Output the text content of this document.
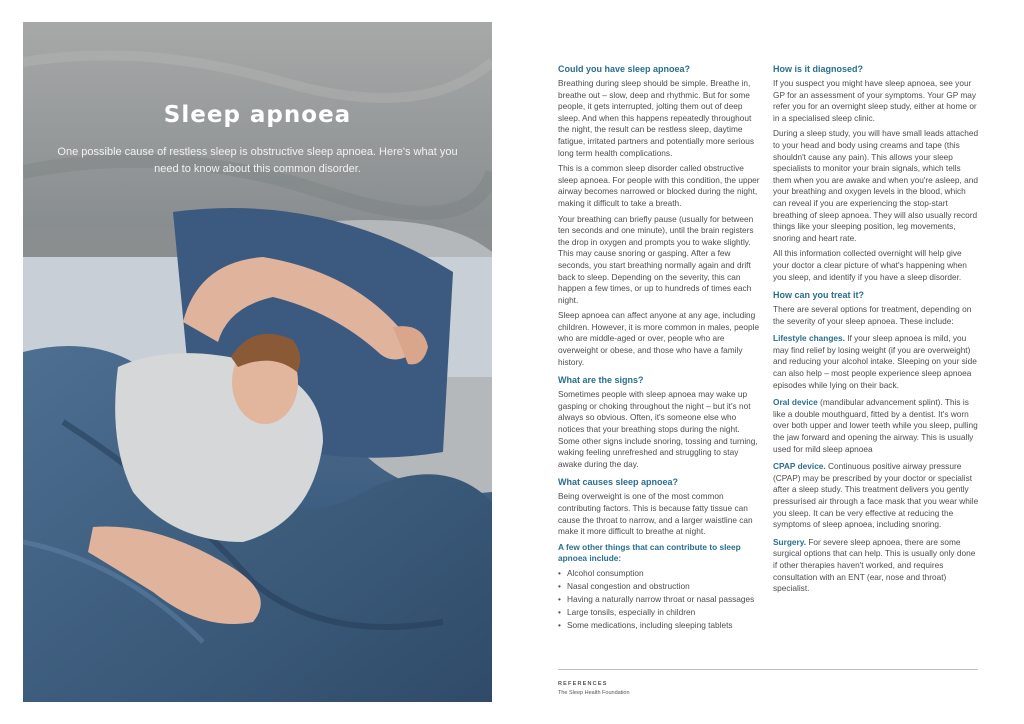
Sleep apnoea
One possible cause of restless sleep is obstructive sleep apnoea. Here's what you need to know about this common disorder.
Could you have sleep apnoea?

Breathing during sleep should be simple. Breathe in, breathe out – slow, deep and rhythmic. But for some people, it gets interrupted, jolting them out of deep sleep. And when this happens repeatedly throughout the night, the result can be restless sleep, daytime fatigue, irritated partners and potentially more serious long term health complications.

This is a common sleep disorder called obstructive sleep apnoea. For people with this condition, the upper airway becomes narrowed or blocked during the night, making it difficult to take a breath.

Your breathing can briefly pause (usually for between ten seconds and one minute), until the brain registers the drop in oxygen and prompts you to wake slightly. This may cause snoring or gasping. After a few seconds, you start breathing normally again and drift back to sleep. Depending on the severity, this can happen a few times, or up to hundreds of times each night.

Sleep apnoea can affect anyone at any age, including children. However, it is more common in males, people who are middle-aged or over, people who are overweight or obese, and those who have a family history.

What are the signs?

Sometimes people with sleep apnoea may wake up gasping or choking throughout the night – but it's not always so obvious. Often, it's someone else who notices that your breathing stops during the night. Some other signs include snoring, tossing and turning, waking feeling unrefreshed and struggling to stay awake during the day.

What causes sleep apnoea?

Being overweight is one of the most common contributing factors. This is because fatty tissue can cause the throat to narrow, and a larger waistline can make it more difficult to breathe at night.

A few other things that can contribute to sleep apnoea include:
• Alcohol consumption
• Nasal congestion and obstruction
• Having a naturally narrow throat or nasal passages
• Large tonsils, especially in children
• Some medications, including sleeping tablets
How is it diagnosed?

If you suspect you might have sleep apnoea, see your GP for an assessment of your symptoms. Your GP may refer you for an overnight sleep study, either at home or in a specialised sleep clinic.

During a sleep study, you will have small leads attached to your head and body using creams and tape (this shouldn't cause any pain). This allows your sleep specialists to monitor your brain signals, which tells them when you are awake and when you're asleep, and your breathing and oxygen levels in the blood, which can reveal if you are experiencing the stop-start breathing of sleep apnoea. They will also usually record things like your sleeping position, leg movements, snoring and heart rate.

All this information collected overnight will help give your doctor a clear picture of what's happening when you sleep, and identify if you have a sleep disorder.

How can you treat it?

There are several options for treatment, depending on the severity of your sleep apnoea. These include:

Lifestyle changes. If your sleep apnoea is mild, you may find relief by losing weight (if you are overweight) and reducing your alcohol intake. Sleeping on your side can also help – most people experience sleep apnoea episodes while lying on their back.

Oral device (mandibular advancement splint). This is like a double mouthguard, fitted by a dentist. It's worn over both upper and lower teeth while you sleep, pulling the jaw forward and opening the airway. This is usually used for mild sleep apnoea

CPAP device. Continuous positive airway pressure (CPAP) may be prescribed by your doctor or specialist after a sleep study. This treatment delivers you gently pressurised air through a face mask that you wear while you sleep. It can be very effective at reducing the symptoms of sleep apnoea, including snoring.

Surgery. For severe sleep apnoea, there are some surgical options that can help. This is usually only done if other therapies haven't worked, and requires consultation with an ENT (ear, nose and throat) specialist.

REFERENCES
The Sleep Health Foundation
